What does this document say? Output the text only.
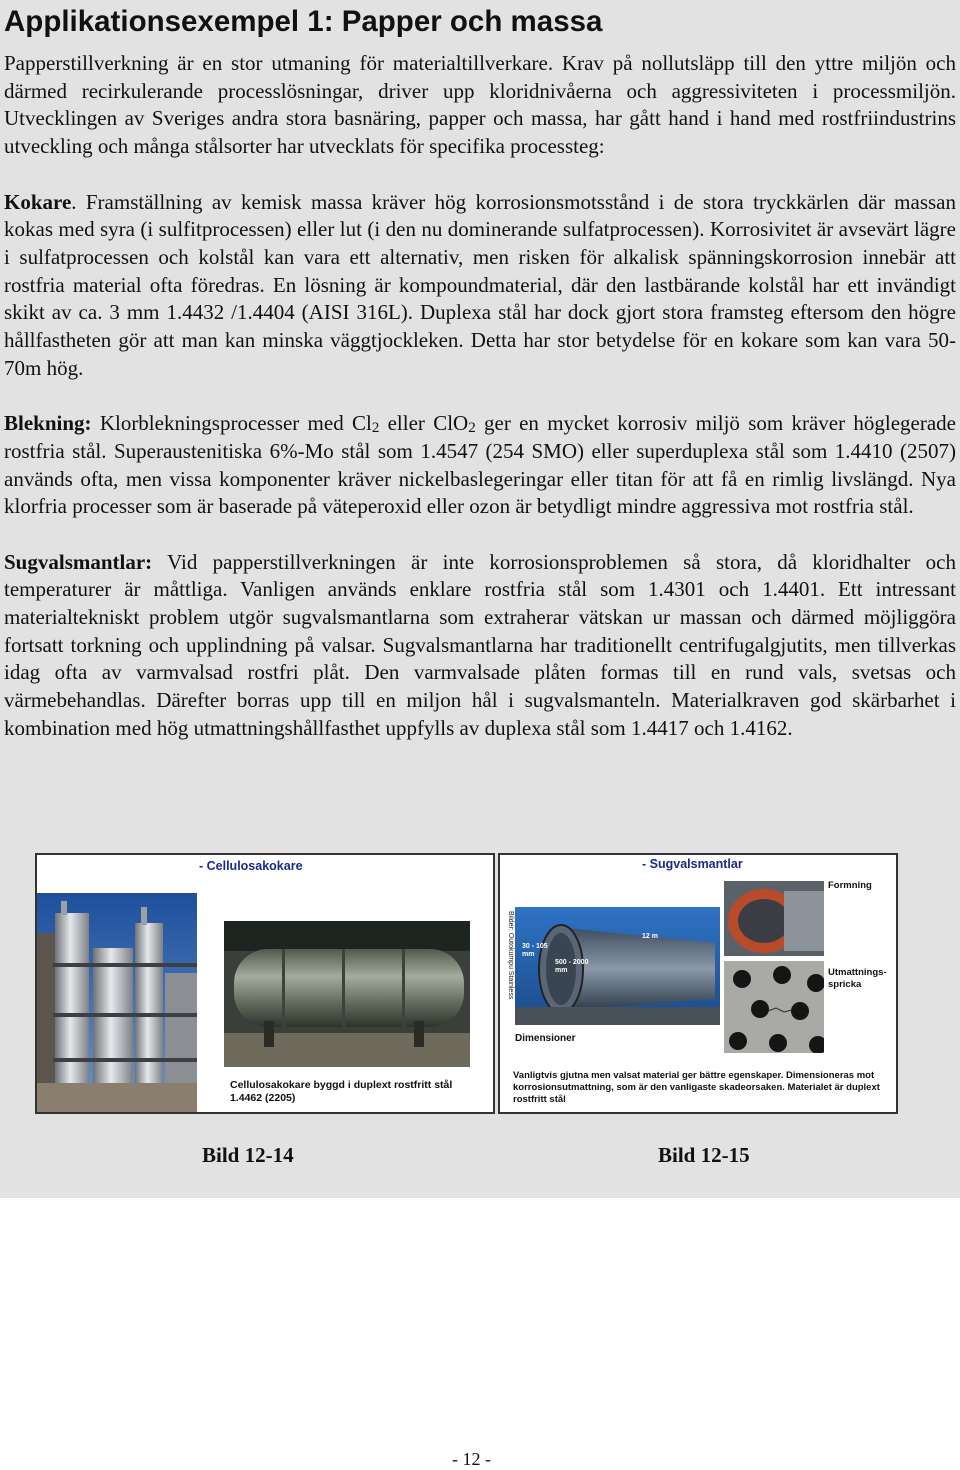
Applikationsexempel 1: Papper och massa

Papperstillverkning är en stor utmaning för materialtillverkare. Krav på nollutsläpp till den yttre miljön och därmed recirkulerande processlösningar, driver upp kloridnivåerna och aggressiviteten i processmiljön. Utvecklingen av Sveriges andra stora basnäring, papper och massa, har gått hand i hand med rostfriindustrins utveckling och många stålsorter har utvecklats för specifika processteg:

Kokare. Framställning av kemisk massa kräver hög korrosionsmotsstånd i de stora tryckkärlen där massan kokas med syra (i sulfitprocessen) eller lut (i den nu dominerande sulfatprocessen). Korrosivitet är avsevärt lägre i sulfatprocessen och kolstål kan vara ett alternativ, men risken för alkalisk spänningskorrosion innebär att rostfria material ofta föredras. En lösning är kompoundmaterial, där den lastbärande kolstål har ett invändigt skikt av ca. 3 mm 1.4432 /1.4404 (AISI 316L). Duplexa stål har dock gjort stora framsteg eftersom den högre hållfastheten gör att man kan minska väggtjockleken. Detta har stor betydelse för en kokare som kan vara 50-70m hög.

Blekning: Klorblekningsprocesser med $Cl_2$ eller ClO$_2$ ger en mycket korrosiv miljö som kräver höglegerade rostfria stål. Superaustenitiska 6%-Mo stål som 1.4547 (254 SMO) eller superduplexa stål som 1.4410 (2507) används ofta, men vissa komponenter kräver nickelbaslegeringar eller titan för att få en rimlig livslängd. Nya klorfria processer som är baserade på väteperoxid eller ozon är betydligt mindre aggressiva mot rostfria stål.

Sugvalsmantlar: Vid papperstillverkningen är inte korrosionsproblemen så stora, då kloridhalter och temperaturer är måttliga. Vanligen används enklare rostfria stål som 1.4301 och 1.4401. Ett intressant materialtekniskt problem utgör sugvalsmantlarna som extraherar vätskan ur massan och därmed möjliggöra fortsatt torkning och upplindning på valsar. Sugvalsmantlarna har traditionellt centrifugalgjutits, men tillverkas idag ofta av varmvalsad rostfri plåt. Den varmvalsade plåten formas till en rund vals, svetsas och värmebehandlas. Därefter borras upp till en miljon hål i sugvalsmanteln. Materialkraven god skärbarhet i kombination med hög utmattningshållfasthet uppfylls av duplexa stål som 1.4417 och 1.4162.

- Cellulosakokare
Cellulosakokare byggd i duplext rostfritt stål 1.4462 (2205)
- Sugvalsmantlar
Bilder: Outokumpu Stainless 30 - 105
mm
500 - 2000
mm
12 m
Dimensioner
Formning
Utmattnings-
spricka
Vanligtvis gjutna men valsat material ger bättre egenskaper. Dimensioneras mot korrosionsutmattning, som är den vanligaste skadeorsaken. Materialet är duplext rostfritt stål
Bild 12-14	Bild 12-15
- 12 -
